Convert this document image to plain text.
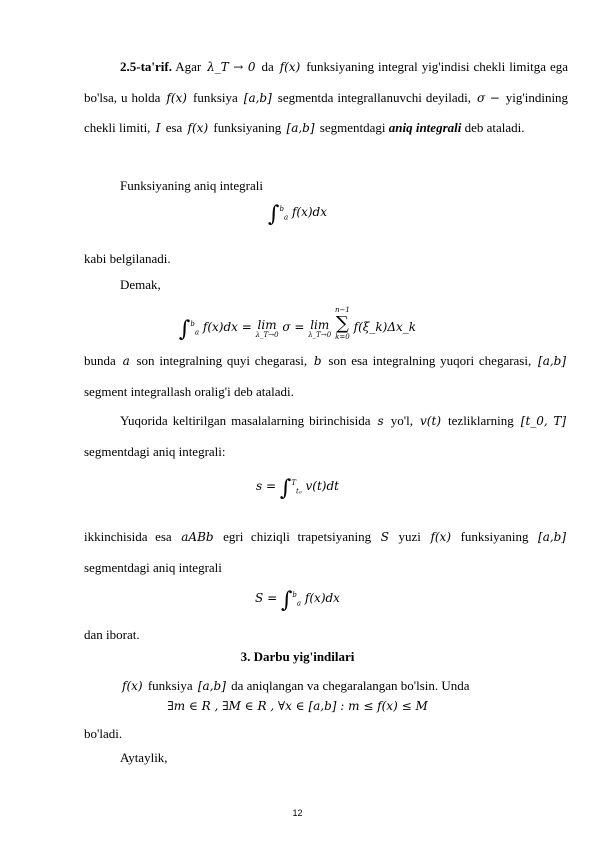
2.5-ta'rif. Agar λ_T → 0 da f(x) funksiyaning integral yig'indisi chekli limitga ega bo'lsa, u holda f(x) funksiya [a,b] segmentda integrallanuvchi deyiladi, σ − yig'indining chekli limiti, I esa f(x) funksiyaning [a,b] segmentdagi aniq integrali deb ataladi.
Funksiyaning aniq integrali
∫$^b_a$ f(x)dx
kabi belgilanadi.
Demak,
∫$^b_a$ f(x)dx = lim
λ_T→0
σ = lim
λ_T→0

n−1
∑
k=0
f(ξ_k)Δx_k
bunda a son integralning quyi chegarasi, b son esa integralning yuqori chegarasi, [a,b] segment integrallash oralig'i deb ataladi.
Yuqorida keltirilgan masalalarning birinchisida s yo'l, v(t) tezliklarning [t_0, T] segmentdagi aniq integrali:
s = ∫$^T_{t_0}$ v(t)dt
ikkinchisida esa aABb egri chiziqli trapetsiyaning S yuzi f(x) funksiyaning [a,b] segmentdagi aniq integrali
S = ∫$^b_a$ f(x)dx
dan iborat.
3. Darbu yig'indilari
f(x) funksiya [a,b] da aniqlangan va chegaralangan bo'lsin. Unda
∃m ∈ R , ∃M ∈ R , ∀x ∈ [a,b] : m ≤ f(x) ≤ M
bo'ladi.
Aytaylik,
12
